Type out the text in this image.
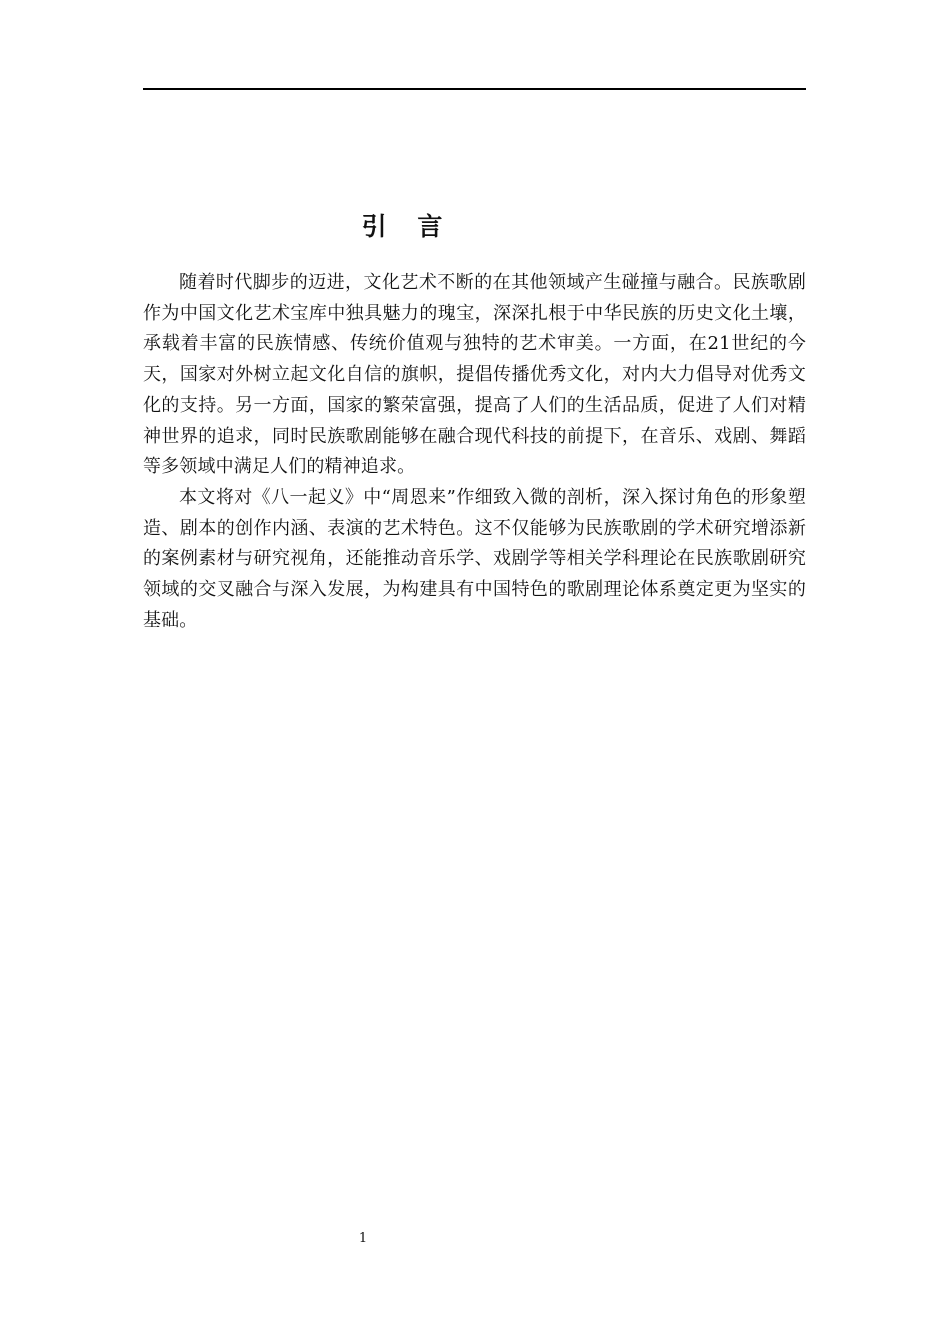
引 言

随着时代脚步的迈进，文化艺术不断的在其他领域产生碰撞与融合。民族歌剧作为中国文化艺术宝库中独具魅力的瑰宝，深深扎根于中华民族的历史文化土壤，承载着丰富的民族情感、传统价值观与独特的艺术审美。一方面，在21世纪的今天，国家对外树立起文化自信的旗帜，提倡传播优秀文化，对内大力倡导对优秀文化的支持。另一方面，国家的繁荣富强，提高了人们的生活品质，促进了人们对精神世界的追求，同时民族歌剧能够在融合现代科技的前提下，在音乐、戏剧、舞蹈等多领域中满足人们的精神追求。

本文将对《八一起义》中“周恩来”作细致入微的剖析，深入探讨角色的形象塑造、剧本的创作内涵、表演的艺术特色。这不仅能够为民族歌剧的学术研究增添新的案例素材与研究视角，还能推动音乐学、戏剧学等相关学科理论在民族歌剧研究领域的交叉融合与深入发展，为构建具有中国特色的歌剧理论体系奠定更为坚实的基础。

1
